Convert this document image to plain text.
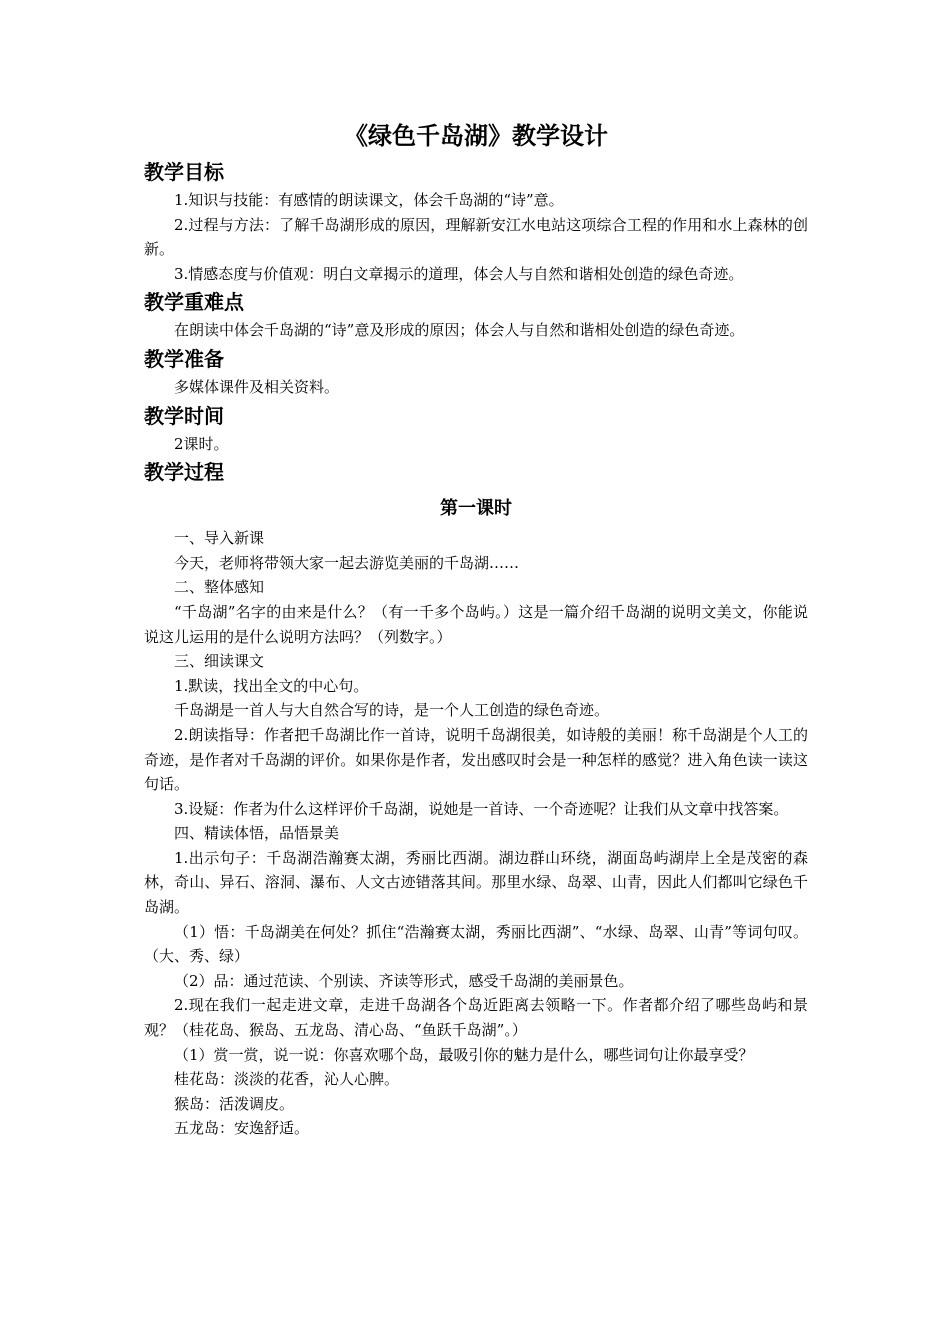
《绿色千岛湖》教学设计
教学目标

1.知识与技能：有感情的朗读课文，体会千岛湖的“诗”意。

2.过程与方法：了解千岛湖形成的原因，理解新安江水电站这项综合工程的作用和水上森林的创新。

3.情感态度与价值观：明白文章揭示的道理，体会人与自然和谐相处创造的绿色奇迹。

教学重难点

在朗读中体会千岛湖的“诗”意及形成的原因；体会人与自然和谐相处创造的绿色奇迹。

教学准备

多媒体课件及相关资料。

教学时间

2课时。

教学过程
第一课时

一、导入新课

今天，老师将带领大家一起去游览美丽的千岛湖……

二、整体感知

“千岛湖”名字的由来是什么？（有一千多个岛屿。）这是一篇介绍千岛湖的说明文美文，你能说说这儿运用的是什么说明方法吗？（列数字。）

三、细读课文

1.默读，找出全文的中心句。

千岛湖是一首人与大自然合写的诗，是一个人工创造的绿色奇迹。

2.朗读指导：作者把千岛湖比作一首诗，说明千岛湖很美，如诗般的美丽！称千岛湖是个人工的奇迹，是作者对千岛湖的评价。如果你是作者，发出感叹时会是一种怎样的感觉？进入角色读一读这句话。

3.设疑：作者为什么这样评价千岛湖，说她是一首诗、一个奇迹呢？让我们从文章中找答案。

四、精读体悟，品悟景美

1.出示句子：千岛湖浩瀚赛太湖，秀丽比西湖。湖边群山环绕，湖面岛屿湖岸上全是茂密的森林，奇山、异石、溶洞、瀑布、人文古迹错落其间。那里水绿、岛翠、山青，因此人们都叫它绿色千岛湖。

（1）悟：千岛湖美在何处？抓住“浩瀚赛太湖，秀丽比西湖”、“水绿、岛翠、山青”等词句叹。（大、秀、绿）

（2）品：通过范读、个别读、齐读等形式，感受千岛湖的美丽景色。

2.现在我们一起走进文章，走进千岛湖各个岛近距离去领略一下。作者都介绍了哪些岛屿和景观？（桂花岛、猴岛、五龙岛、清心岛、“鱼跃千岛湖”。）

（1）赏一赏，说一说：你喜欢哪个岛，最吸引你的魅力是什么，哪些词句让你最享受？

桂花岛：淡淡的花香，沁人心脾。

猴岛：活泼调皮。

五龙岛：安逸舒适。
